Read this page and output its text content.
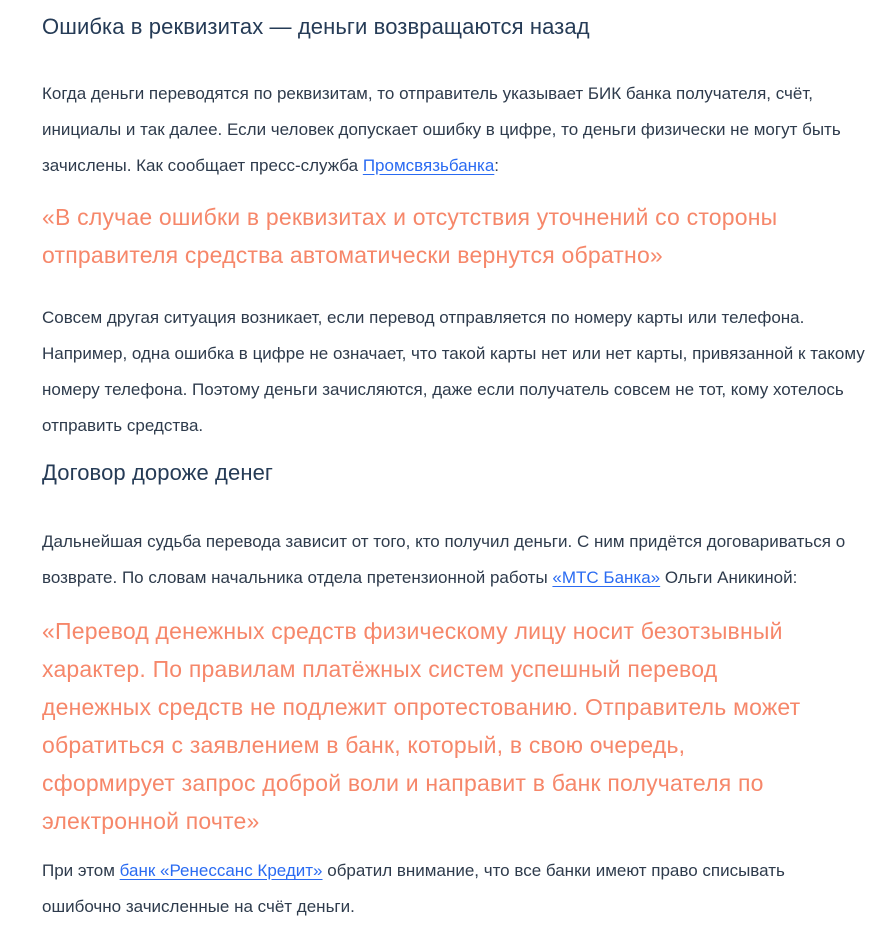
Ошибка в реквизитах — деньги возвращаются назад

Когда деньги переводятся по реквизитам, то отправитель указывает БИК банка получателя, счёт, инициалы и так далее. Если человек допускает ошибку в цифре, то деньги физически не могут быть зачислены. Как сообщает пресс-служба Промсвязьбанка:

«В случае ошибки в реквизитах и отсутствия уточнений со стороны отправителя средства автоматически вернутся обратно»

Совсем другая ситуация возникает, если перевод отправляется по номеру карты или телефона. Например, одна ошибка в цифре не означает, что такой карты нет или нет карты, привязанной к такому номеру телефона. Поэтому деньги зачисляются, даже если получатель совсем не тот, кому хотелось отправить средства.

Договор дороже денег

Дальнейшая судьба перевода зависит от того, кто получил деньги. С ним придётся договариваться о возврате. По словам начальника отдела претензионной работы «МТС Банка» Ольги Аникиной:

«Перевод денежных средств физическому лицу носит безотзывный характер. По правилам платёжных систем успешный перевод денежных средств не подлежит опротестованию. Отправитель может обратиться с заявлением в банк, который, в свою очередь, сформирует запрос доброй воли и направит в банк получателя по электронной почте»

При этом банк «Ренессанс Кредит» обратил внимание, что все банки имеют право списывать ошибочно зачисленные на счёт деньги.
